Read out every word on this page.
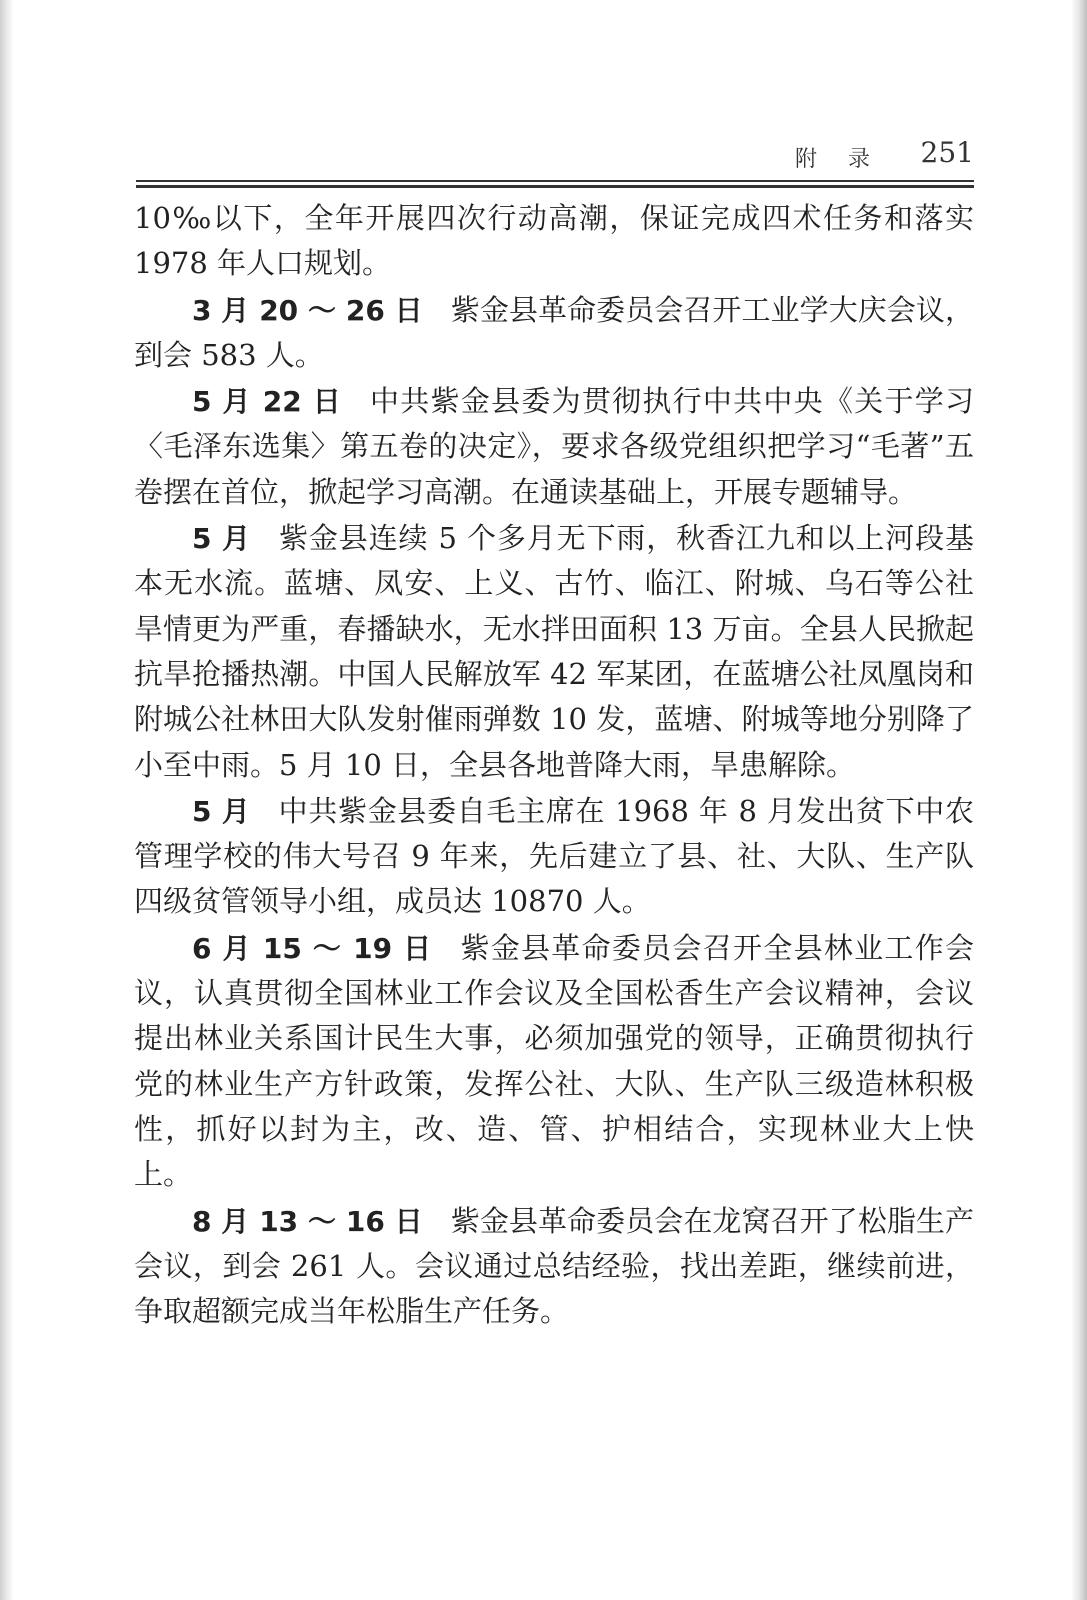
附 录 251

10‰以下，全年开展四次行动高潮，保证完成四术任务和落实 1978 年人口规划。

3 月 20 ～ 26 日 紫金县革命委员会召开工业学大庆会议，到会 583 人。

5 月 22 日 中共紫金县委为贯彻执行中共中央《关于学习〈毛泽东选集〉第五卷的决定》，要求各级党组织把学习“毛著”五卷摆在首位，掀起学习高潮。在通读基础上，开展专题辅导。

5 月 紫金县连续 5 个多月无下雨，秋香江九和以上河段基本无水流。蓝塘、凤安、上义、古竹、临江、附城、乌石等公社旱情更为严重，春播缺水，无水拌田面积 13 万亩。全县人民掀起抗旱抢播热潮。中国人民解放军 42 军某团，在蓝塘公社凤凰岗和附城公社林田大队发射催雨弹数 10 发，蓝塘、附城等地分别降了小至中雨。5 月 10 日，全县各地普降大雨，旱患解除。

5 月 中共紫金县委自毛主席在 1968 年 8 月发出贫下中农管理学校的伟大号召 9 年来，先后建立了县、社、大队、生产队四级贫管领导小组，成员达 10870 人。

6 月 15 ～ 19 日 紫金县革命委员会召开全县林业工作会议，认真贯彻全国林业工作会议及全国松香生产会议精神，会议提出林业关系国计民生大事，必须加强党的领导，正确贯彻执行党的林业生产方针政策，发挥公社、大队、生产队三级造林积极性，抓好以封为主，改、造、管、护相结合，实现林业大上快上。

8 月 13 ～ 16 日 紫金县革命委员会在龙窝召开了松脂生产会议，到会 261 人。会议通过总结经验，找出差距，继续前进，争取超额完成当年松脂生产任务。
